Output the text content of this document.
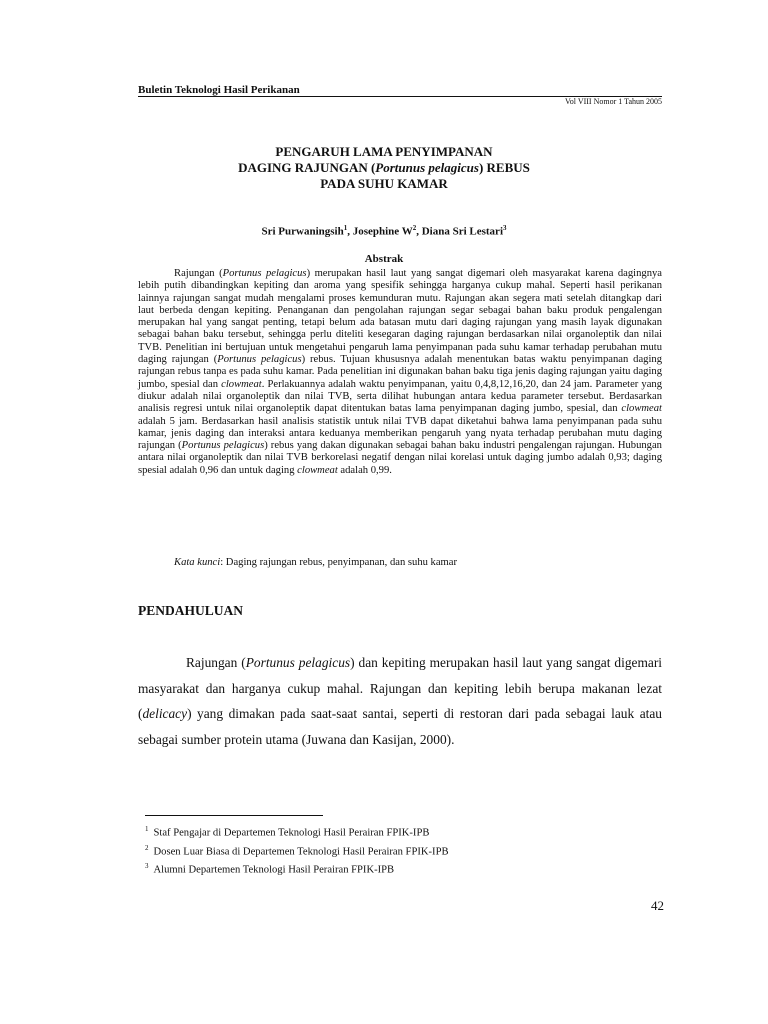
Buletin Teknologi Hasil Perikanan
Vol VIII Nomor 1 Tahun 2005
PENGARUH LAMA PENYIMPANAN
DAGING RAJUNGAN (Portunus pelagicus) REBUS
PADA SUHU KAMAR
Sri Purwaningsih$^1$, Josephine $W^2$, Diana Sri Lestari$^3$
Abstrak

Rajungan (Portunus pelagicus) merupakan hasil laut yang sangat digemari oleh masyarakat karena dagingnya lebih putih dibandingkan kepiting dan aroma yang spesifik sehingga harganya cukup mahal. Seperti hasil perikanan lainnya rajungan sangat mudah mengalami proses kemunduran mutu. Rajungan akan segera mati setelah ditangkap dari laut berbeda dengan kepiting. Penanganan dan pengolahan rajungan segar sebagai bahan baku produk pengalengan merupakan hal yang sangat penting, tetapi belum ada batasan mutu dari daging rajungan yang masih layak digunakan sebagai bahan baku tersebut, sehingga perlu diteliti kesegaran daging rajungan berdasarkan nilai organoleptik dan nilai TVB. Penelitian ini bertujuan untuk mengetahui pengaruh lama penyimpanan pada suhu kamar terhadap perubahan mutu daging rajungan (Portunus pelagicus) rebus. Tujuan khususnya adalah menentukan batas waktu penyimpanan daging rajungan rebus tanpa es pada suhu kamar. Pada penelitian ini digunakan bahan baku tiga jenis daging rajungan yaitu daging jumbo, spesial dan clowmeat. Perlakuannya adalah waktu penyimpanan, yaitu 0,4,8,12,16,20, dan 24 jam. Parameter yang diukur adalah nilai organoleptik dan nilai TVB, serta dilihat hubungan antara kedua parameter tersebut. Berdasarkan analisis regresi untuk nilai organoleptik dapat ditentukan batas lama penyimpanan daging jumbo, spesial, dan clowmeat adalah 5 jam. Berdasarkan hasil analisis statistik untuk nilai TVB dapat diketahui bahwa lama penyimpanan pada suhu kamar, jenis daging dan interaksi antara keduanya memberikan pengaruh yang nyata terhadap perubahan mutu daging rajungan (Portunus pelagicus) rebus yang dakan digunakan sebagai bahan baku industri pengalengan rajungan. Hubungan antara nilai organoleptik dan nilai TVB berkorelasi negatif dengan nilai korelasi untuk daging jumbo adalah 0,93; daging spesial adalah 0,96 dan untuk daging clowmeat adalah 0,99.

Kata kunci: Daging rajungan rebus, penyimpanan, dan suhu kamar
PENDAHULUAN

Rajungan (Portunus pelagicus) dan kepiting merupakan hasil laut yang sangat digemari masyarakat dan harganya cukup mahal. Rajungan dan kepiting lebih berupa makanan lezat (delicacy) yang dimakan pada saat-saat santai, seperti di restoran dari pada sebagai lauk atau sebagai sumber protein utama (Juwana dan Kasijan, 2000).

$^1$ Staf Pengajar di Departemen Teknologi Hasil Perairan FPIK-IPB
$^2$ Dosen Luar Biasa di Departemen Teknologi Hasil Perairan FPIK-IPB
$^3$ Alumni Departemen Teknologi Hasil Perairan FPIK-IPB
42
